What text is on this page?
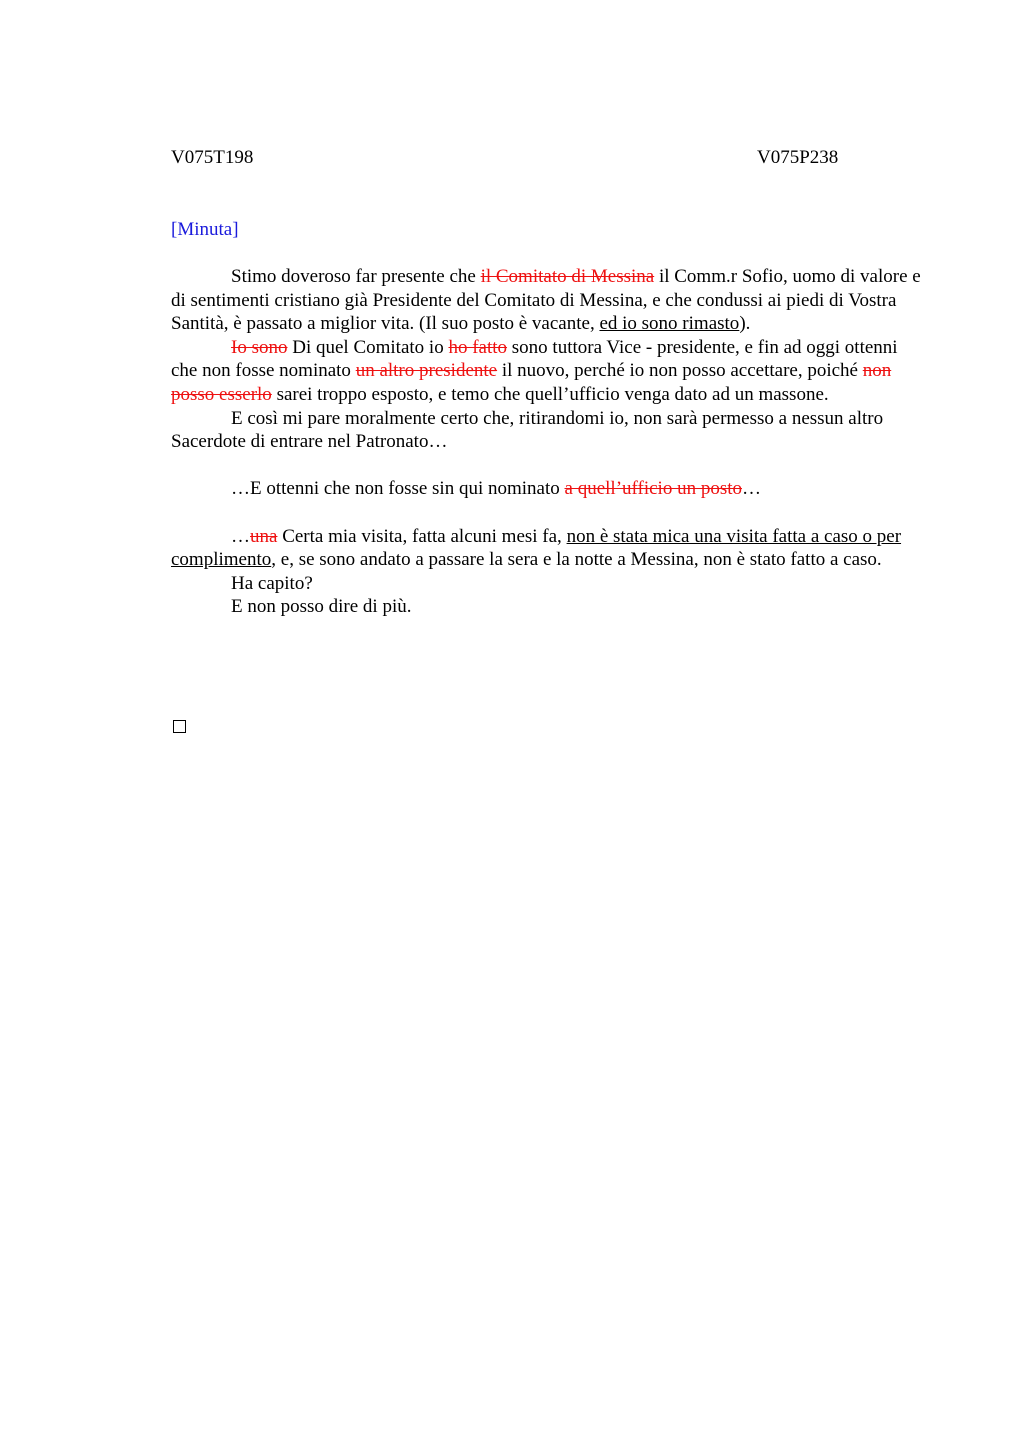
V075T198	V075P238
[Minuta]

Stimo doveroso far presente che il Comitato di Messina il Comm.r Sofio, uomo di valore e di sentimenti cristiano già Presidente del Comitato di Messina, e che condussi ai piedi di Vostra Santità, è passato a miglior vita. (Il suo posto è vacante, ed io sono rimasto).

Io sono Di quel Comitato io ho fatto sono tuttora Vice - presidente, e fin ad oggi ottenni che non fosse nominato un altro presidente il nuovo, perché io non posso accettare, poiché non posso esserlo sarei troppo esposto, e temo che quell’ufficio venga dato ad un massone.

E così mi pare moralmente certo che, ritirandomi io, non sarà permesso a nessun altro Sacerdote di entrare nel Patronato…

…E ottenni che non fosse sin qui nominato a quell’ufficio un posto…

…una Certa mia visita, fatta alcuni mesi fa, non è stata mica una visita fatta a caso o per complimento, e, se sono andato a passare la sera e la notte a Messina, non è stato fatto a caso.

Ha capito?

E non posso dire di più.
